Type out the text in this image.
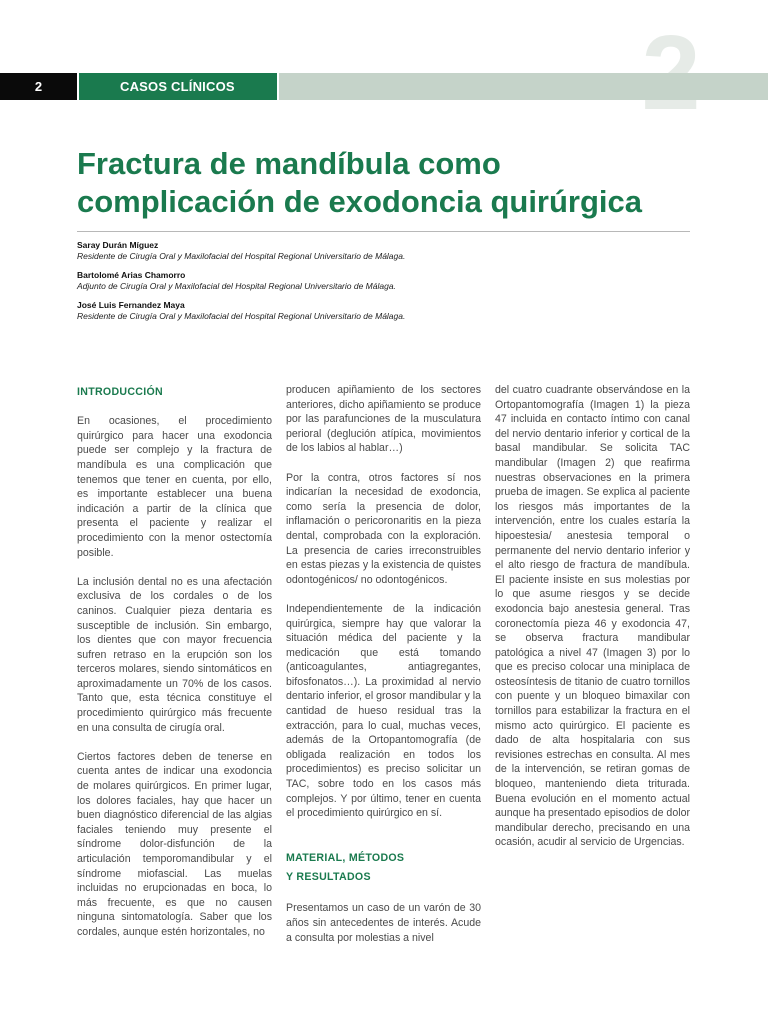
2	CASOS CLÍNICOS
Fractura de mandíbula como complicación de exodoncia quirúrgica
Saray Durán Míguez
Residente de Cirugía Oral y Maxilofacial del Hospital Regional Universitario de Málaga.
Bartolomé Arias Chamorro
Adjunto de Cirugía Oral y Maxilofacial del Hospital Regional Universitario de Málaga.
José Luis Fernandez Maya
Residente de Cirugía Oral y Maxilofacial del Hospital Regional Universitario de Málaga.
INTRODUCCIÓN

En ocasiones, el procedimiento quirúrgico para hacer una exodoncia puede ser complejo y la fractura de mandíbula es una complicación que tenemos que tener en cuenta, por ello, es importante establecer una buena indicación a partir de la clínica que presenta el paciente y realizar el procedimiento con la menor ostectomía posible.

La inclusión dental no es una afectación exclusiva de los cordales o de los caninos. Cualquier pieza dentaria es susceptible de inclusión. Sin embargo, los dientes que con mayor frecuencia sufren retraso en la erupción son los terceros molares, siendo sintomáticos en aproximadamente un 70% de los casos. Tanto que, esta técnica constituye el procedimiento quirúrgico más frecuente en una consulta de cirugía oral.

Ciertos factores deben de tenerse en cuenta antes de indicar una exodoncia de molares quirúrgicos. En primer lugar, los dolores faciales, hay que hacer un buen diagnóstico diferencial de las algias faciales teniendo muy presente el síndrome dolor-disfunción de la articulación temporomandibular y el síndrome miofascial. Las muelas incluidas no erupcionadas en boca, lo más frecuente, es que no causen ninguna sintomatología. Saber que los cordales, aunque estén horizontales, no

producen apiñamiento de los sectores anteriores, dicho apiñamiento se produce por las parafunciones de la musculatura perioral (deglución atípica, movimientos de los labios al hablar…)

Por la contra, otros factores sí nos indicarían la necesidad de exodoncia, como sería la presencia de dolor, inflamación o pericoronaritis en la pieza dental, comprobada con la exploración. La presencia de caries irreconstruibles en estas piezas y la existencia de quistes odontogénicos/ no odontogénicos.

Independientemente de la indicación quirúrgica, siempre hay que valorar la situación médica del paciente y la medicación que está tomando (anticoagulantes, antiagregantes, bifosfonatos…). La proximidad al nervio dentario inferior, el grosor mandibular y la cantidad de hueso residual tras la extracción, para lo cual, muchas veces, además de la Ortopantomografía (de obligada realización en todos los procedimientos) es preciso solicitar un TAC, sobre todo en los casos más complejos. Y por último, tener en cuenta el procedimiento quirúrgico en sí.

MATERIAL, MÉTODOS
Y RESULTADOS

Presentamos un caso de un varón de 30 años sin antecedentes de interés. Acude a consulta por molestias a nivel

del cuatro cuadrante observándose en la Ortopantomografía (Imagen 1) la pieza 47 incluida en contacto íntimo con canal del nervio dentario inferior y cortical de la basal mandibular. Se solicita TAC mandibular (Imagen 2) que reafirma nuestras observaciones en la primera prueba de imagen. Se explica al paciente los riesgos más importantes de la intervención, entre los cuales estaría la hipoestesia/ anestesia temporal o permanente del nervio dentario inferior y el alto riesgo de fractura de mandíbula. El paciente insiste en sus molestias por lo que asume riesgos y se decide exodoncia bajo anestesia general. Tras coronectomía pieza 46 y exodoncia 47, se observa fractura mandibular patológica a nivel 47 (Imagen 3) por lo que es preciso colocar una miniplaca de osteosíntesis de titanio de cuatro tornillos con puente y un bloqueo bimaxilar con tornillos para estabilizar la fractura en el mismo acto quirúrgico. El paciente es dado de alta hospitalaria con sus revisiones estrechas en consulta. Al mes de la intervención, se retiran gomas de bloqueo, manteniendo dieta triturada. Buena evolución en el momento actual aunque ha presentado episodios de dolor mandibular derecho, precisando en una ocasión, acudir al servicio de Urgencias.
